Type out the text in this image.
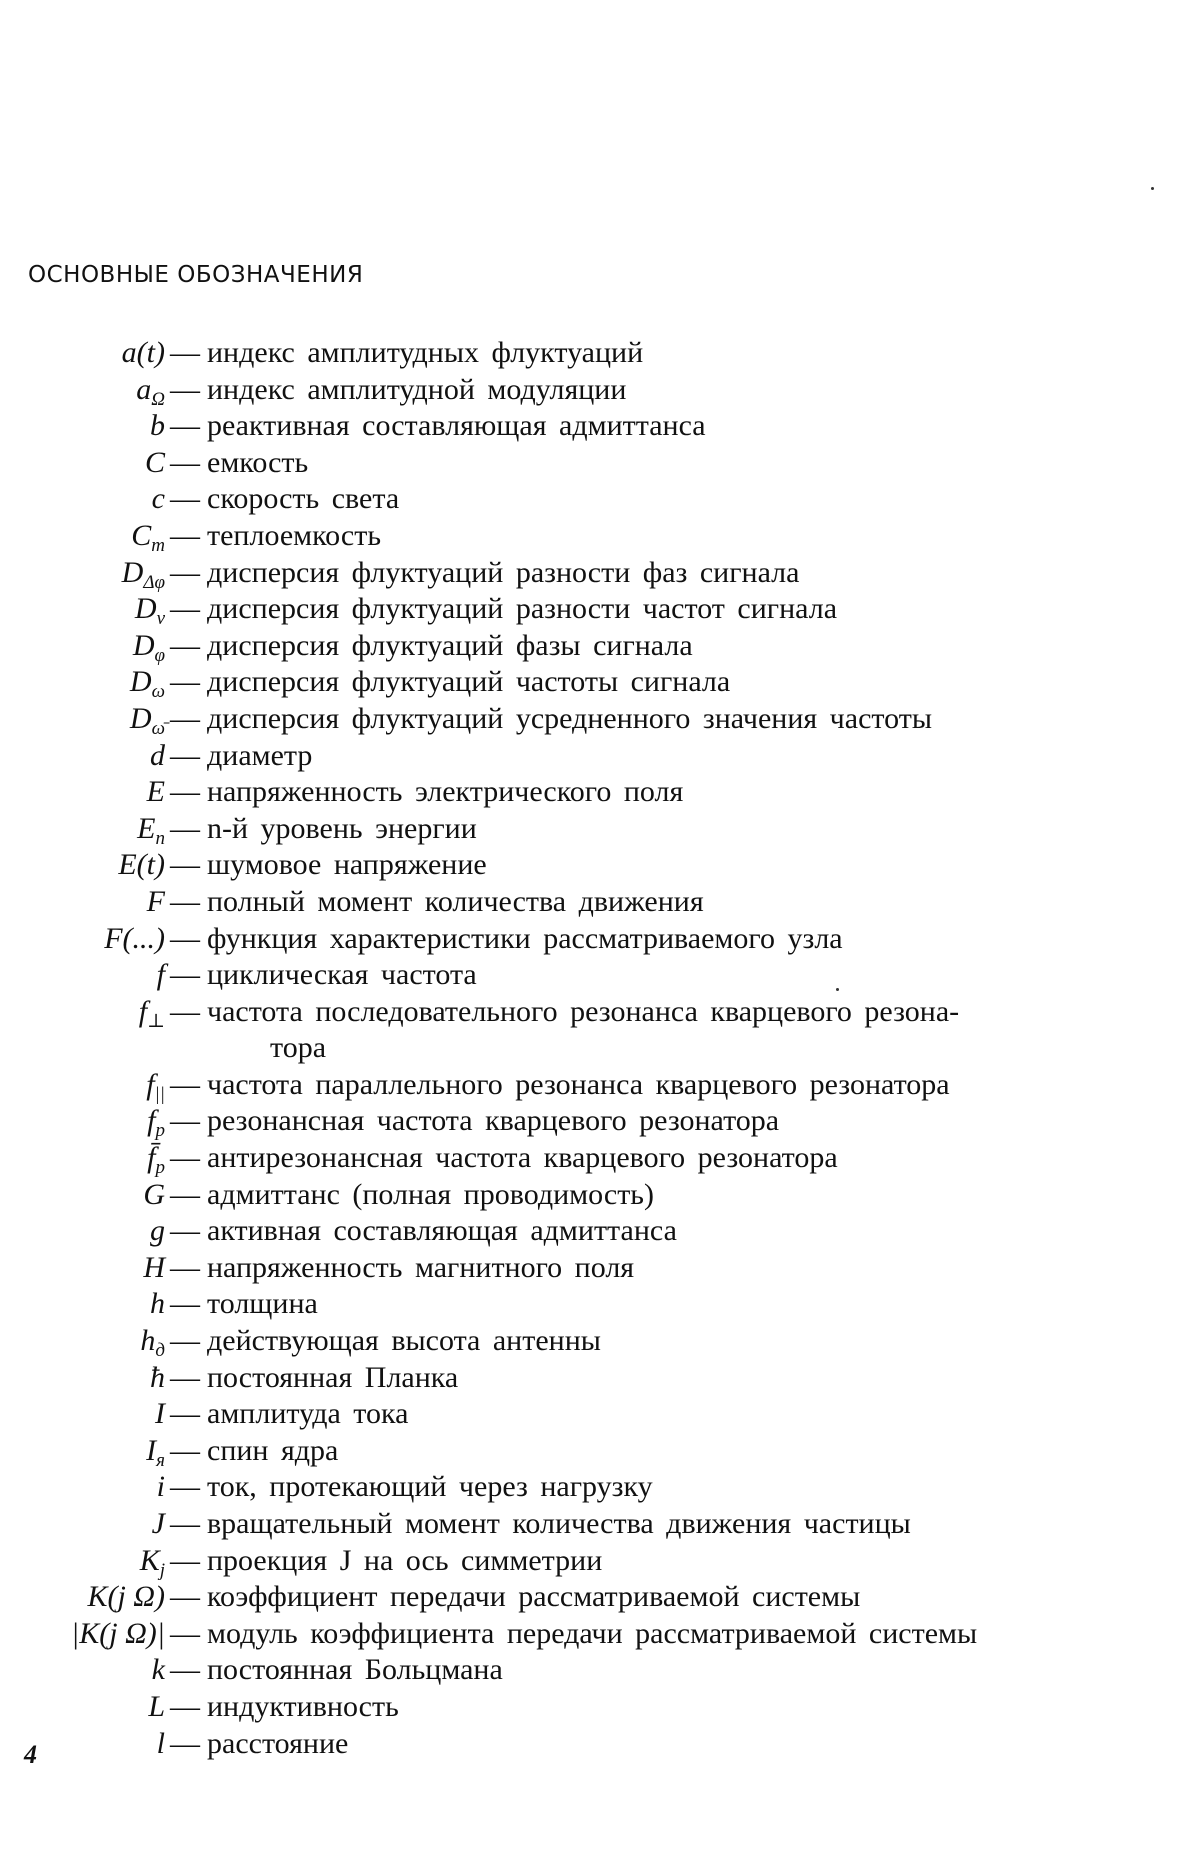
ОСНОВНЫЕ ОБОЗНАЧЕНИЯ
a(t) — индекс амплитудных флуктуаций
$a_\Omega$ — индекс амплитудной модуляции
b — реактивная составляющая адмиттанса
C — емкость
c — скорость света
$C_т$ — теплоемкость
$D_{\Delta\varphi}$ — дисперсия флуктуаций разности фаз сигнала
$D_\nu$ — дисперсия флуктуаций разности частот сигнала
$D_\varphi$ — дисперсия флуктуаций фазы сигнала
$D_\omega$ — дисперсия флуктуаций частоты сигнала
$D_{\omegā}$ — дисперсия флуктуаций усредненного значения частоты
d — диаметр
E — напряженность электрического поля
$E_n$ — n-й уровень энергии
E(t) — шумовое напряжение
F — полный момент количества движения
F(...) — функция характеристики рассматриваемого узла
f — циклическая частота
$f_\perp$ — частота последовательного резонанса кварцевого резона-
тора
$f_{||}$ — частота параллельного резонанса кварцевого резонатора
$f_р$ — резонансная частота кварцевого резонатора
$f̄_р$ — антирезонансная частота кварцевого резонатора
G — адмиттанс (полная проводимость)
g — активная составляющая адмиттанса
H — напряженность магнитного поля
h — толщина
$h_д$ — действующая высота антенны
ħ — постоянная Планка
I — амплитуда тока
$I_я$ — спин ядра
i — ток, протекающий через нагрузку
J — вращательный момент количества движения частицы
$K_j$ — проекция J на ось симметрии
K(j Ω) — коэффициент передачи рассматриваемой системы
|K(j Ω)| — модуль коэффициента передачи рассматриваемой системы
k — постоянная Больцмана
L — индуктивность
l — расстояние
4
